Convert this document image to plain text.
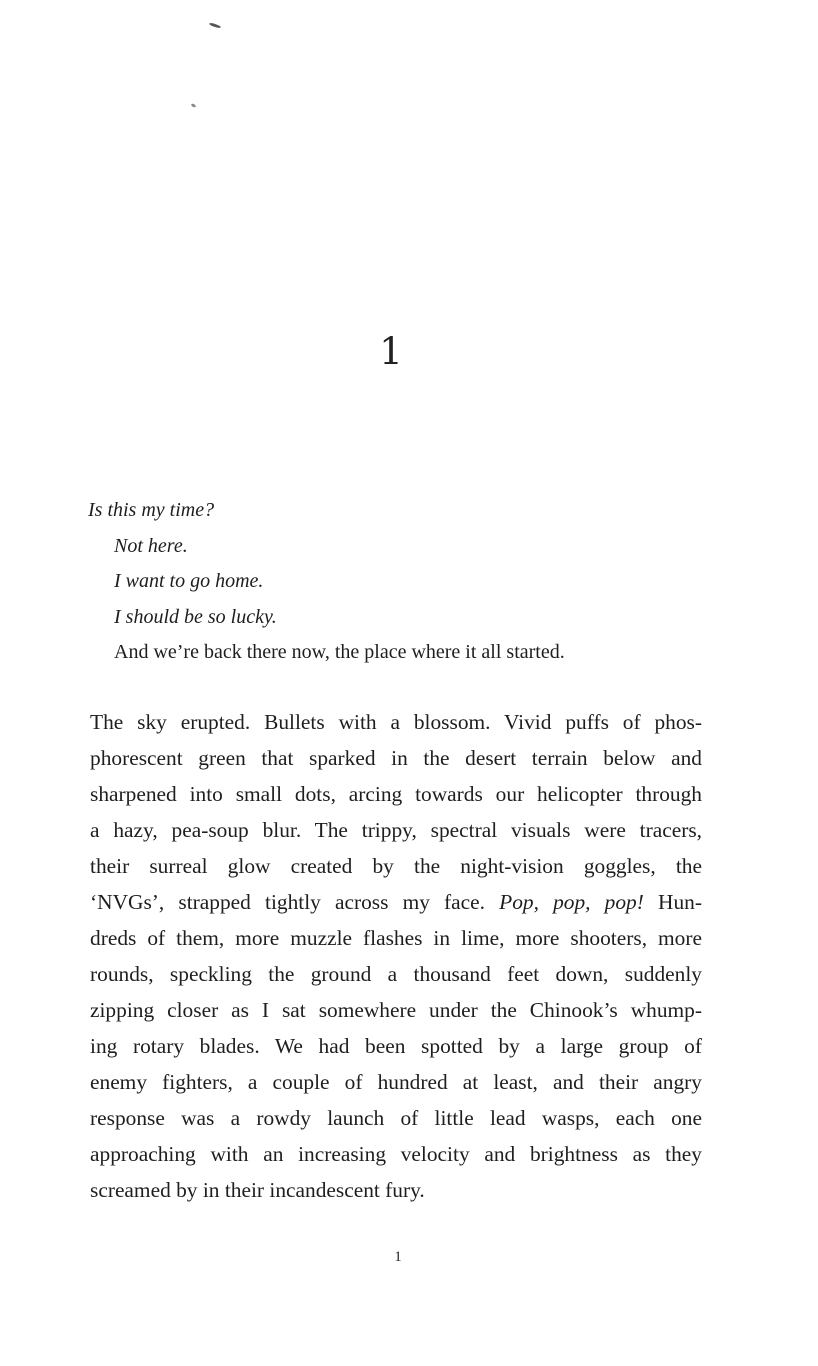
1

Is this my time?

Not here.

I want to go home.

I should be so lucky.

And we’re back there now, the place where it all started.

The sky erupted. Bullets with a blossom. Vivid puffs of phos-
phorescent green that sparked in the desert terrain below and
sharpened into small dots, arcing towards our helicopter through
a hazy, pea-soup blur. The trippy, spectral visuals were tracers,
their surreal glow created by the night-vision goggles, the
‘NVGs’, strapped tightly across my face. Pop, pop, pop! Hun-
dreds of them, more muzzle flashes in lime, more shooters, more
rounds, speckling the ground a thousand feet down, suddenly
zipping closer as I sat somewhere under the Chinook’s whump-
ing rotary blades. We had been spotted by a large group of
enemy fighters, a couple of hundred at least, and their angry
response was a rowdy launch of little lead wasps, each one
approaching with an increasing velocity and brightness as they
screamed by in their incandescent fury.

1
